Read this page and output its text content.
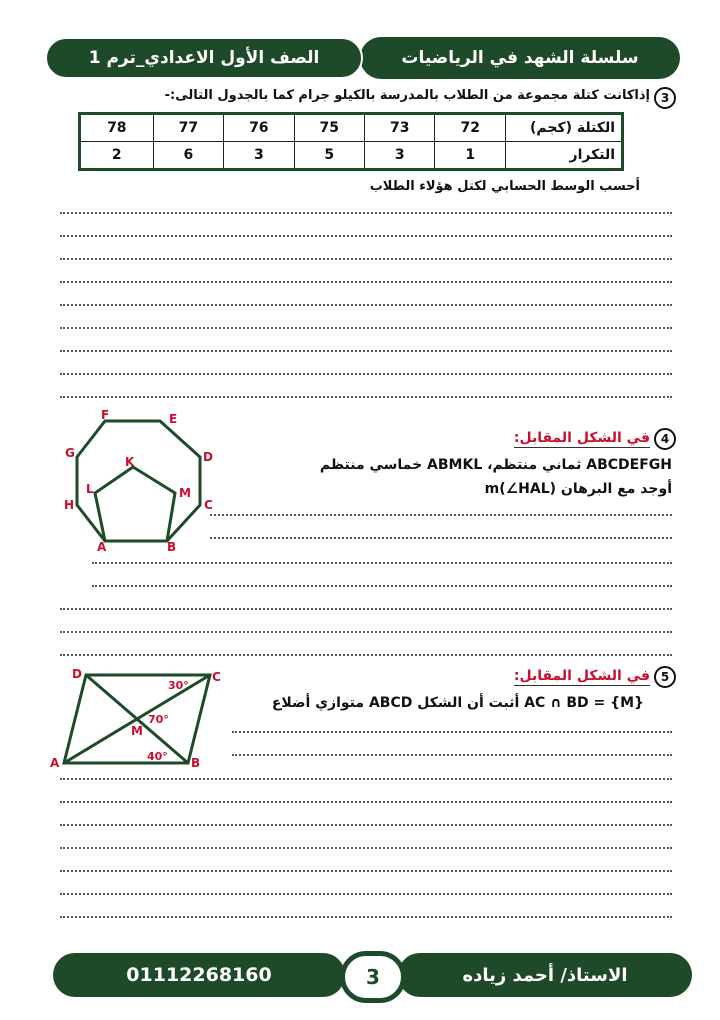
سلسلة الشهد في الرياضيات
الصف الأول الاعدادي_ترم 1
3
إذاكانت كتلة مجموعة من الطلاب بالمدرسة بالكيلو جرام كما بالجدول التالى:-
78	77	76	75	73	72	الكتلة (كجم)
2	6	3	5	3	1	التكرار
أحسب الوسط الحسابي لكتل هؤلاء الطلاب
4
في الشكل المقابل:
ABCDEFGH ثماني منتظم، ABMKL خماسي منتظم
أوجد مع البرهان m(∠HAL)
F	E
D
C
B
A
H
G
K
L	M
5
في الشكل المقابل:
AC ∩ BD = {M} أثبت أن الشكل ABCD متوازي أضلاع
D	C
B
A
M
30°
70°
40°
01112268160	الاستاذ/ أحمد زياده
3
